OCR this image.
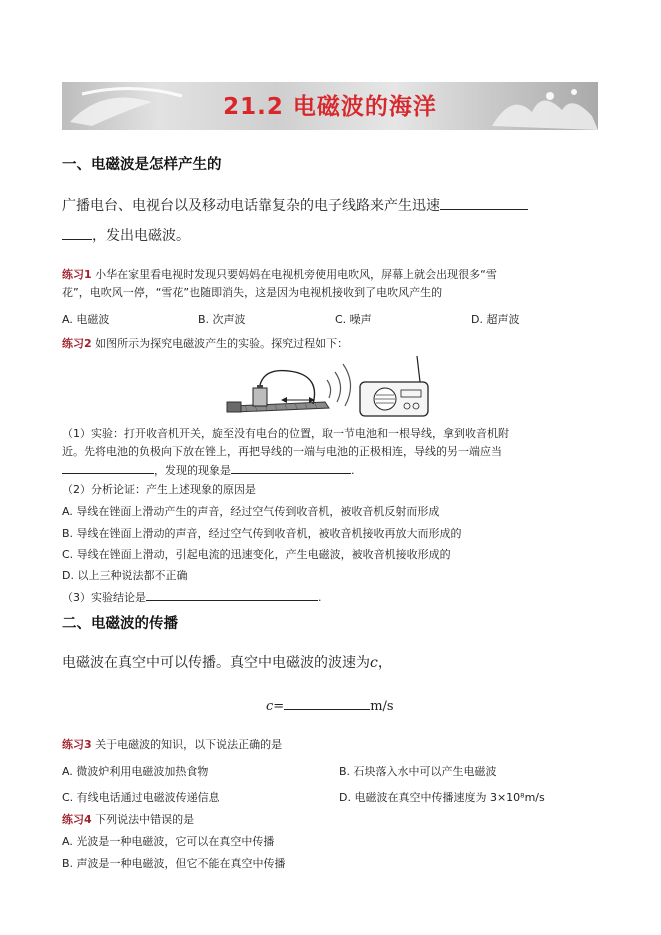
21.2 电磁波的海洋
一、电磁波是怎样产生的
广播电台、电视台以及移动电话靠复杂的电子线路来产生迅速
，发出电磁波。
练习1 小华在家里看电视时发现只要妈妈在电视机旁使用电吹风，屏幕上就会出现很多“雪
花”，电吹风一停，“雪花”也随即消失，这是因为电视机接收到了电吹风产生的
A. 电磁波	B. 次声波	C. 噪声	D. 超声波
练习2 如图所示为探究电磁波产生的实验。探究过程如下：
（1）实验：打开收音机开关，旋至没有电台的位置，取一节电池和一根导线，拿到收音机附
近。先将电池的负极向下放在锉上，再把导线的一端与电池的正极相连，导线的另一端应当
，发现的现象是	.
（2）分析论证：产生上述现象的原因是
A. 导线在锉面上滑动产生的声音，经过空气传到收音机，被收音机反射而形成
B. 导线在锉面上滑动的声音，经过空气传到收音机，被收音机接收再放大而形成的
C. 导线在锉面上滑动，引起电流的迅速变化，产生电磁波，被收音机接收形成的
D. 以上三种说法都不正确
（3）实验结论是	.
二、电磁波的传播
电磁波在真空中可以传播。真空中电磁波的波速为c，
c=	m/s
练习3 关于电磁波的知识，以下说法正确的是
A. 微波炉利用电磁波加热食物	B. 石块落入水中可以产生电磁波
C. 有线电话通过电磁波传递信息	D. 电磁波在真空中传播速度为 3×10⁸m/s
练习4 下列说法中错误的是
A. 光波是一种电磁波，它可以在真空中传播
B. 声波是一种电磁波，但它不能在真空中传播
